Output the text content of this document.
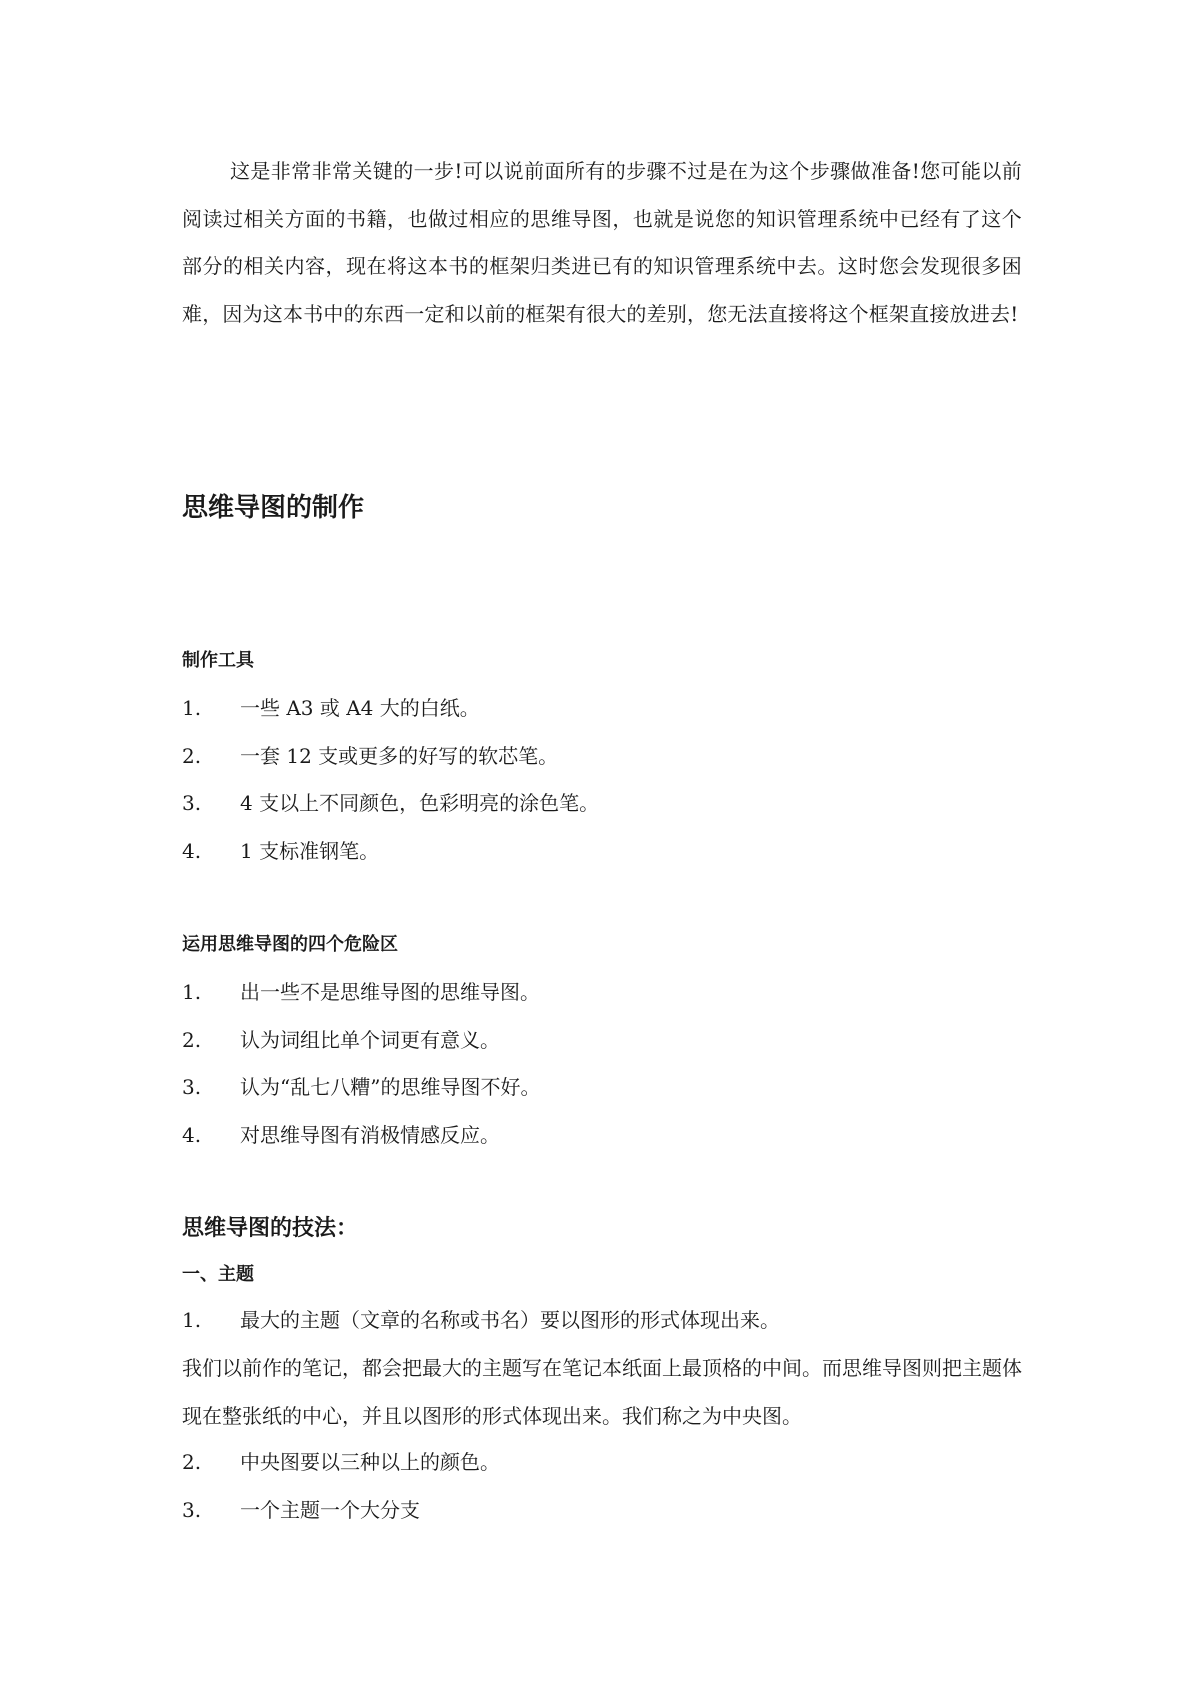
这是非常非常关键的一步!可以说前面所有的步骤不过是在为这个步骤做准备!您可能以前阅读过相关方面的书籍，也做过相应的思维导图，也就是说您的知识管理系统中已经有了这个部分的相关内容，现在将这本书的框架归类进已有的知识管理系统中去。这时您会发现很多困难，因为这本书中的东西一定和以前的框架有很大的差别，您无法直接将这个框架直接放进去!

思维导图的制作
制作工具
1. 一些 A3 或 A4 大的白纸。
2. 一套 12 支或更多的好写的软芯笔。
3. 4 支以上不同颜色，色彩明亮的涂色笔。
4. 1 支标准钢笔。
运用思维导图的四个危险区
1. 出一些不是思维导图的思维导图。
2. 认为词组比单个词更有意义。
3. 认为“乱七八糟”的思维导图不好。
4. 对思维导图有消极情感反应。
思维导图的技法：
一、主题
1. 最大的主题（文章的名称或书名）要以图形的形式体现出来。

我们以前作的笔记，都会把最大的主题写在笔记本纸面上最顶格的中间。而思维导图则把主题体现在整张纸的中心，并且以图形的形式体现出来。我们称之为中央图。

2. 中央图要以三种以上的颜色。
3. 一个主题一个大分支
